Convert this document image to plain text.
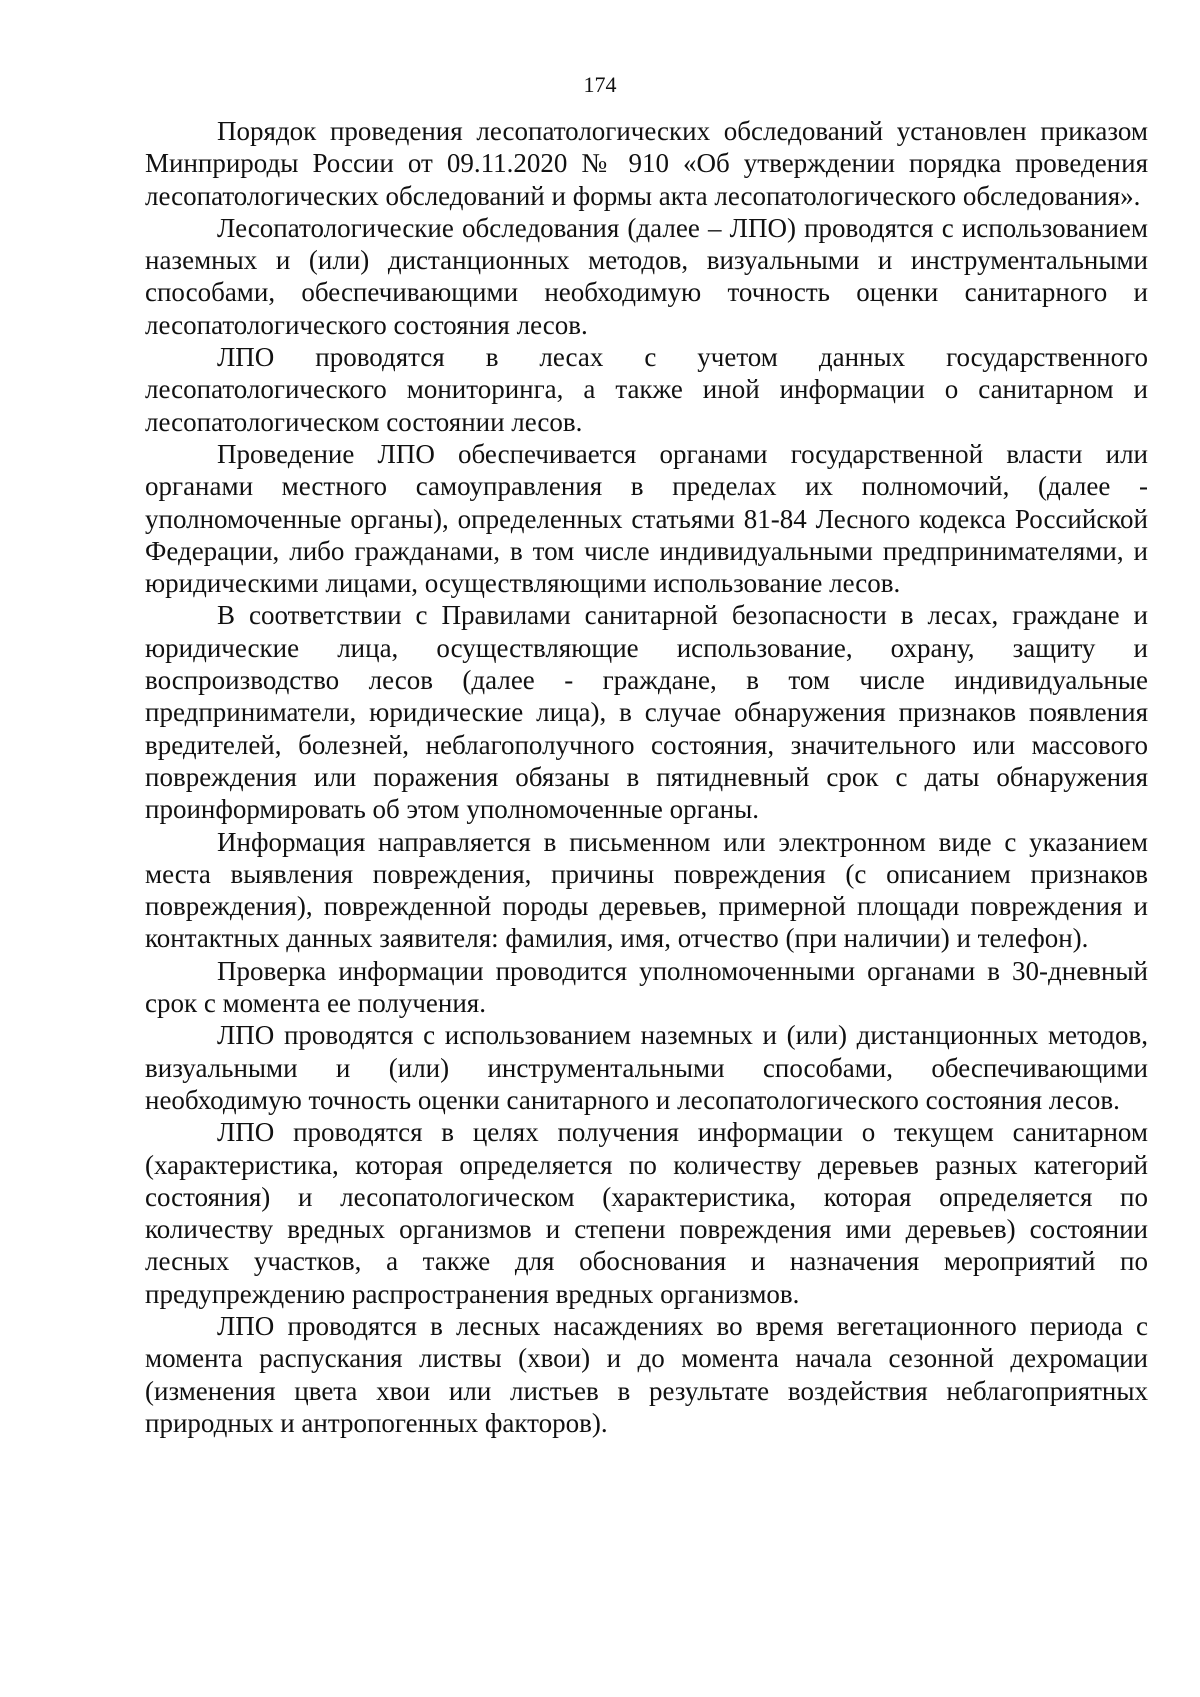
174

Порядок проведения лесопатологических обследований установлен приказом Минприроды России от 09.11.2020 № 910 «Об утверждении порядка проведения лесопатологических обследований и формы акта лесопатологического обследования».

Лесопатологические обследования (далее – ЛПО) проводятся с использованием наземных и (или) дистанционных методов, визуальными и инструментальными способами, обеспечивающими необходимую точность оценки санитарного и лесопатологического состояния лесов.

ЛПО проводятся в лесах с учетом данных государственного лесопатологического мониторинга, а также иной информации о санитарном и лесопатологическом состоянии лесов.

Проведение ЛПО обеспечивается органами государственной власти или органами местного самоуправления в пределах их полномочий, (далее - уполномоченные органы), определенных статьями 81-84 Лесного кодекса Российской Федерации, либо гражданами, в том числе индивидуальными предпринимателями, и юридическими лицами, осуществляющими использование лесов.

В соответствии с Правилами санитарной безопасности в лесах, граждане и юридические лица, осуществляющие использование, охрану, защиту и воспроизводство лесов (далее - граждане, в том числе индивидуальные предприниматели, юридические лица), в случае обнаружения признаков появления вредителей, болезней, неблагополучного состояния, значительного или массового повреждения или поражения обязаны в пятидневный срок с даты обнаружения проинформировать об этом уполномоченные органы.

Информация направляется в письменном или электронном виде с указанием места выявления повреждения, причины повреждения (с описанием признаков повреждения), поврежденной породы деревьев, примерной площади повреждения и контактных данных заявителя: фамилия, имя, отчество (при наличии) и телефон).

Проверка информации проводится уполномоченными органами в 30-дневный срок с момента ее получения.

ЛПО проводятся с использованием наземных и (или) дистанционных методов, визуальными и (или) инструментальными способами, обеспечивающими необходимую точность оценки санитарного и лесопатологического состояния лесов.

ЛПО проводятся в целях получения информации о текущем санитарном (характеристика, которая определяется по количеству деревьев разных категорий состояния) и лесопатологическом (характеристика, которая определяется по количеству вредных организмов и степени повреждения ими деревьев) состоянии лесных участков, а также для обоснования и назначения мероприятий по предупреждению распространения вредных организмов.

ЛПО проводятся в лесных насаждениях во время вегетационного периода с момента распускания листвы (хвои) и до момента начала сезонной дехромации (изменения цвета хвои или листьев в результате воздействия неблагоприятных природных и антропогенных факторов).
